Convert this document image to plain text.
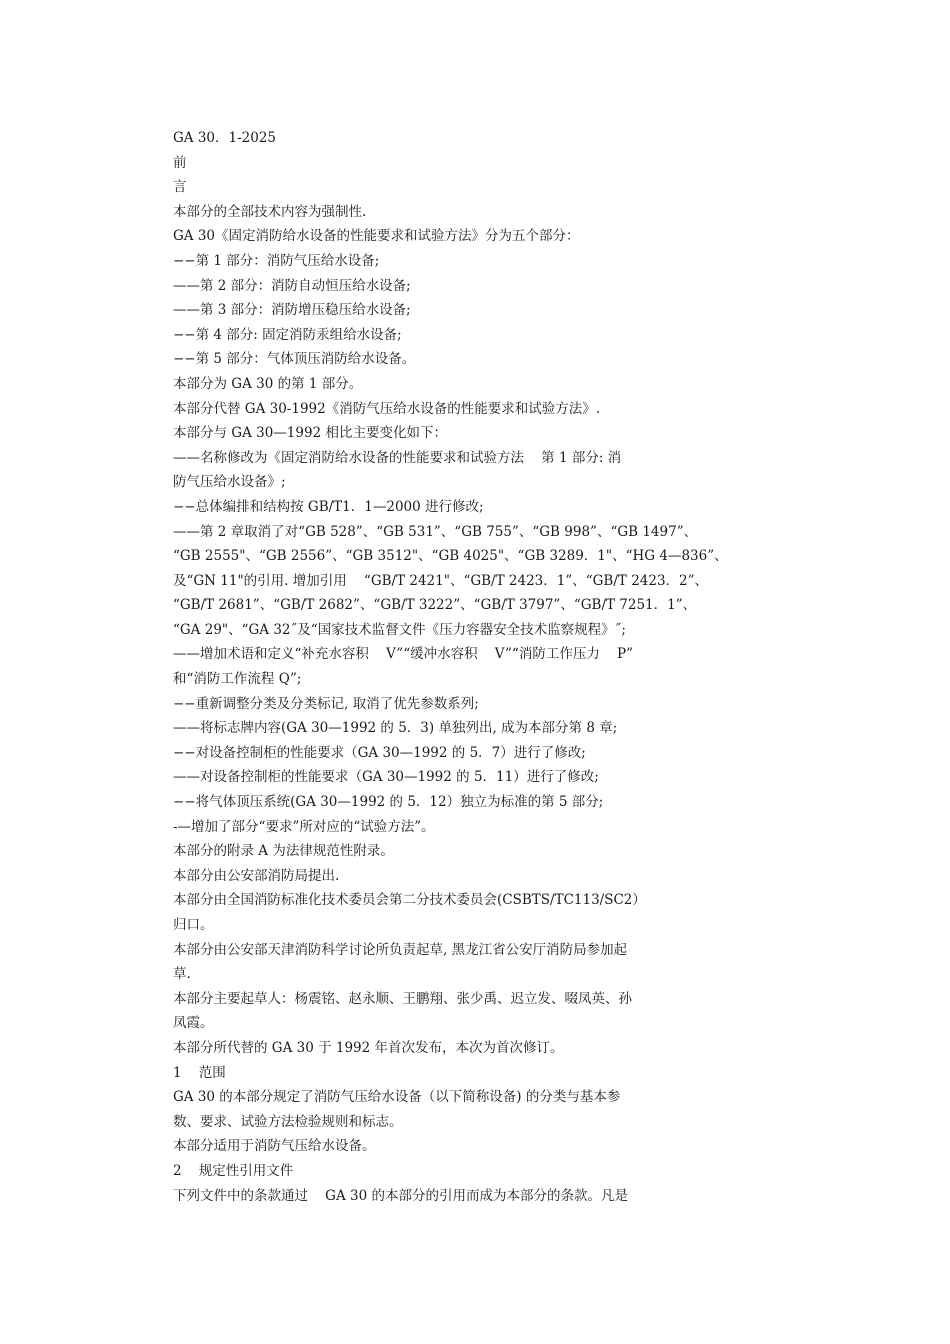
GA 30．1-2025

前

言

本部分的全部技术内容为强制性.

GA 30《固定消防给水设备的性能要求和试验方法》分为五个部分：

−−第 1 部分：消防气压给水设备;

——第 2 部分：消防自动恒压给水设备;

——第 3 部分：消防增压稳压给水设备;

−−第 4 部分: 固定消防汞组给水设备;

−−第 5 部分：气体顶压消防给水设备。

本部分为 GA 30 的第 1 部分。

本部分代替 GA 30-1992《消防气压给水设备的性能要求和试验方法》.

本部分与 GA 30—1992 相比主要变化如下：

——名称修改为《固定消防给水设备的性能要求和试验方法    第 1 部分: 消

防气压给水设备》;

−−总体编排和结构按 GB/T1．1—2000 进行修改;

——第 2 章取消了对“GB 528”、“GB 531”、“GB 755”、“GB 998”、“GB 1497”、

“GB 2555"、“GB 2556”、“GB 3512"、“GB 4025"、“GB 3289．1"、“HG 4—836”、

及“GN 11"的引用. 增加引用    “GB/T 2421"、“GB/T 2423．1”、“GB/T 2423．2”、

“GB/T 2681”、“GB/T 2682”、“GB/T 3222”、“GB/T 3797”、“GB/T 7251．1”、

“GA 29"、“GA 32˝及“国家技术监督文件《压力容器安全技术监察规程》˝;

——增加术语和定义“补充水容积    V”“缓冲水容积    V”“消防工作压力    P”

和“消防工作流程 Q”;

−−重新调整分类及分类标记, 取消了优先参数系列;

——将标志牌内容(GA 30—1992 的 5．3) 单独列出, 成为本部分第 8 章;

−−对设备控制柜的性能要求（GA 30—1992 的 5．7）进行了修改;

——对设备控制柜的性能要求（GA 30—1992 的 5．11）进行了修改;

−−将气体顶压系统(GA 30—1992 的 5．12）独立为标准的第 5 部分;

-—增加了部分“要求”所对应的“试验方法”。

本部分的附录 A 为法律规范性附录。

本部分由公安部消防局提出.

本部分由全国消防标准化技术委员会第二分技术委员会(CSBTS/TC113/SC2）

归口。

本部分由公安部天津消防科学讨论所负责起草, 黑龙江省公安厅消防局参加起

草.

本部分主要起草人：杨震铭、赵永顺、王鹏翔、张少禹、迟立发、啜凤英、孙

凤霞。

本部分所代替的 GA 30 于 1992 年首次发布，本次为首次修订。

1    范围

GA 30 的本部分规定了消防气压给水设备（以下简称设备) 的分类与基本参

数、要求、试验方法检验规则和标志。

本部分适用于消防气压给水设备。

2    规定性引用文件

下列文件中的条款通过    GA 30 的本部分的引用而成为本部分的条款。凡是
